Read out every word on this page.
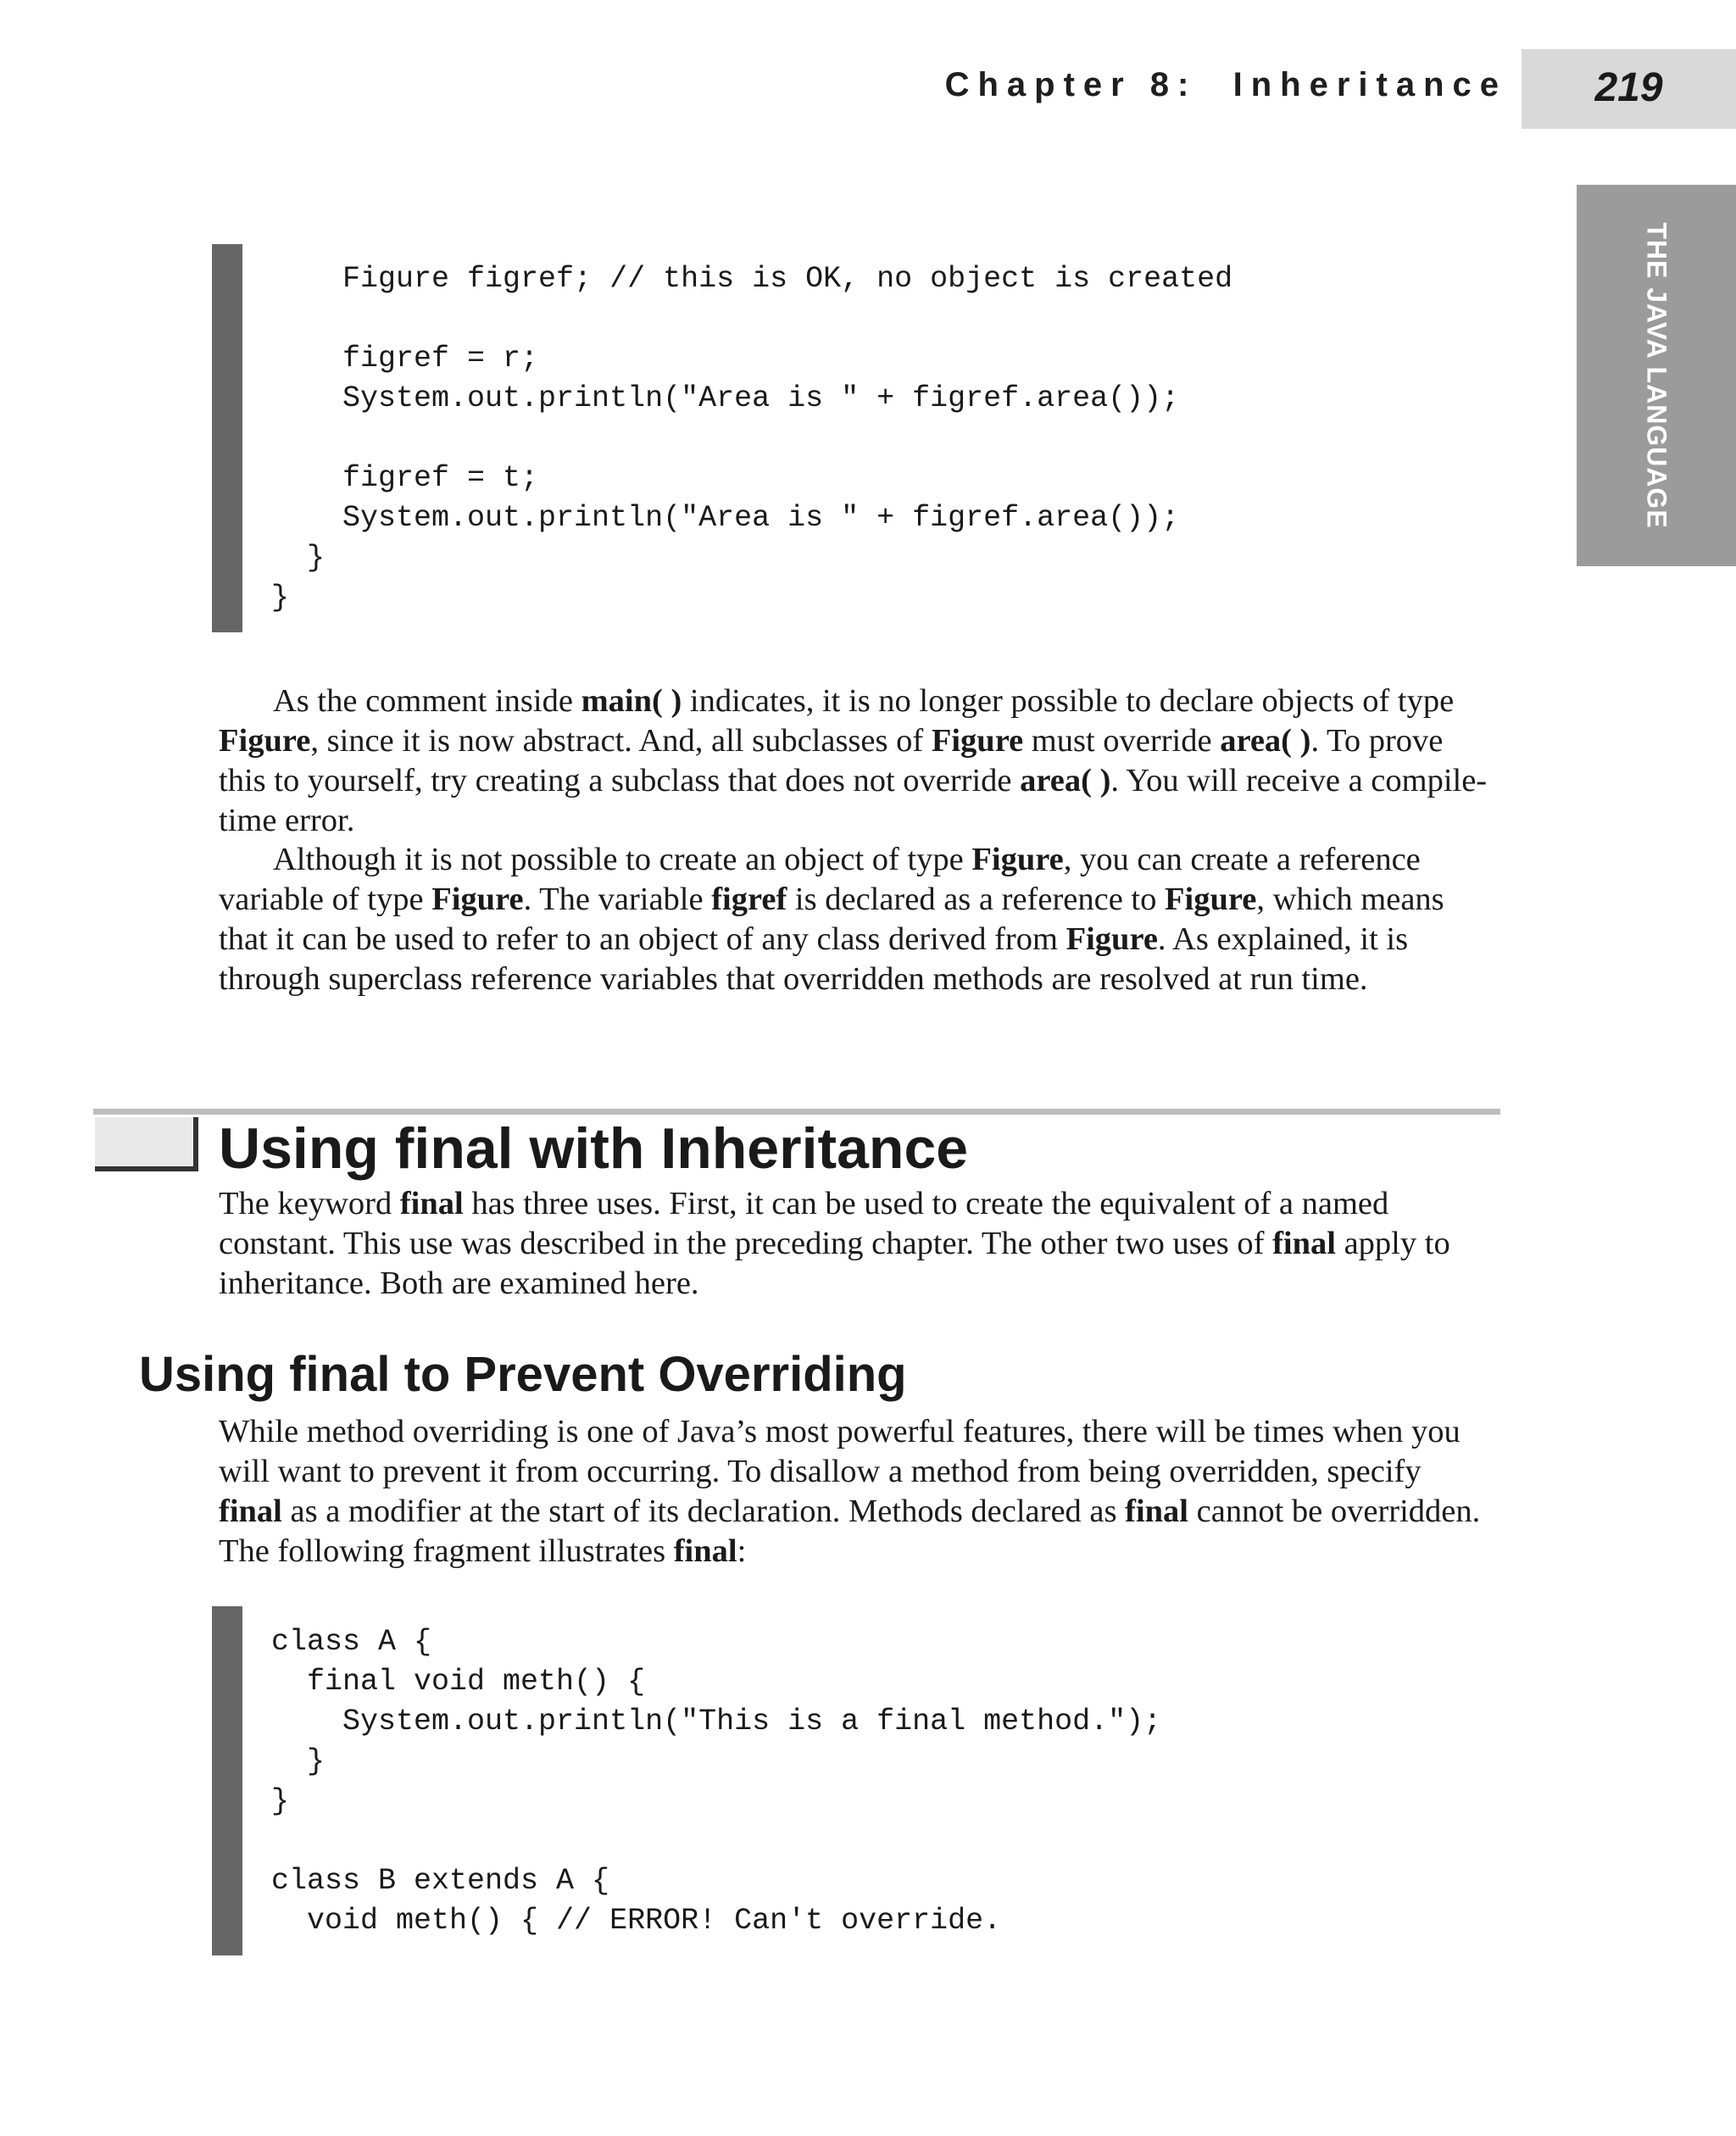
Chapter 8:  Inheritance	219
THE JAVA LANGUAGE
Figure figref; // this is OK, no object is created
figref = r;
System.out.println("Area is " + figref.area());
figref = t;
System.out.println("Area is " + figref.area());
}
}

As the comment inside main( ) indicates, it is no longer possible to declare objects of type Figure, since it is now abstract. And, all subclasses of Figure must override area( ). To prove this to yourself, try creating a subclass that does not override area( ). You will receive a compile-time error.

Although it is not possible to create an object of type Figure, you can create a reference variable of type Figure. The variable figref is declared as a reference to Figure, which means that it can be used to refer to an object of any class derived from Figure. As explained, it is through superclass reference variables that overridden methods are resolved at run time.

Using final with Inheritance

The keyword final has three uses. First, it can be used to create the equivalent of a named constant. This use was described in the preceding chapter. The other two uses of final apply to inheritance. Both are examined here.

Using final to Prevent Overriding

While method overriding is one of Java’s most powerful features, there will be times when you will want to prevent it from occurring. To disallow a method from being overridden, specify final as a modifier at the start of its declaration. Methods declared as final cannot be overridden. The following fragment illustrates final:

class A {
final void meth() {
System.out.println("This is a final method.");
}
}
class B extends A {
void meth() { // ERROR! Can't override.
